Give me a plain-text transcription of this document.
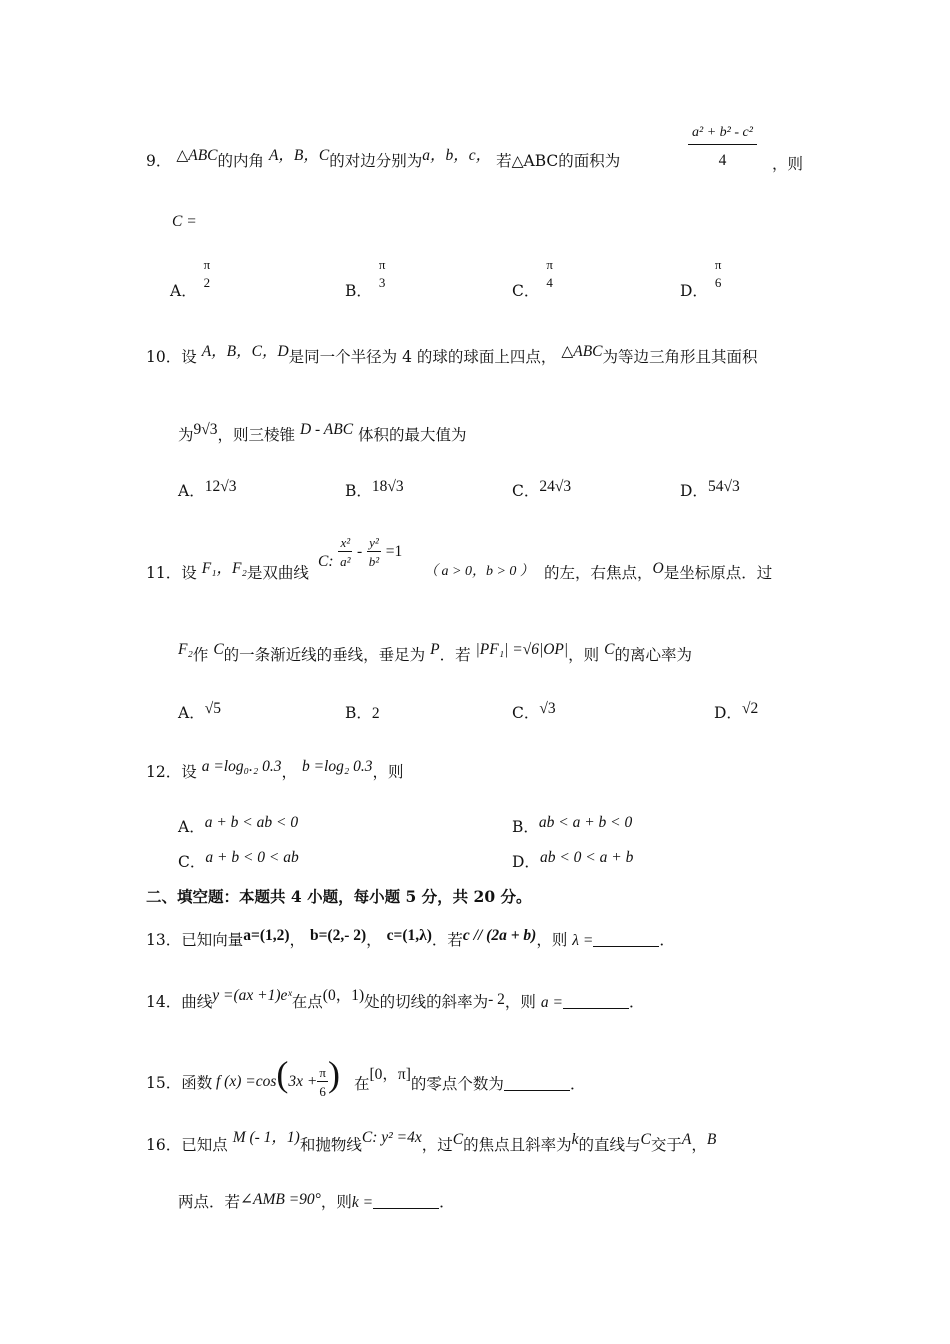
9． △ABC的内角 A，B，C的对边分别为a，b，c， 若△ABC的面积为	$\frac{\text{a² + b² - c²}}{4}$ ，则
C =
A．
π
2	B．
π
3	C．
π
4	D．
π
6
10．设 A，B，C，D是同一个半径为 4 的球的球面上四点， △ABC为等边三角形且其面积
为9√3，则三棱锥 D - ABC 体积的最大值为
A．12√3	B．18√3	C．24√3	D．54√3
11．设 F₁，F₂是双曲线
C: $\frac{\text{x²}}{\text{a²}} - \frac{\text{y²}}{\text{b²}} =1$
（ a > 0，b > 0 ） 的左，右焦点，O是坐标原点．过
F₂作 C的一条渐近线的垂线，垂足为 P．若 |PF₁| =√6|OP|，则 C的离心率为
A．√5	B．2	C．√3	D．√2
12．设 a =log₀.₂ 0.3， b =log₂ 0.3，则
A．a + b < ab < 0	B．ab < a + b < 0
C．a + b < 0 < ab	D．ab < 0 < a + b
二、填空题：本题共 4 小题，每小题 5 分，共 20 分。
13．已知向量a=(1,2)， b=(2,- 2)， c=(1,λ)．若c // (2a + b)，则 λ =	．
14．曲线y =(ax +1)eˣ在点(0，1)处的切线的斜率为- 2，则 a =	．
15．函数 f $(x) =\cos(3x + \frac{\pi}{6}$ ) 在[0，π]的零点个数为	．
16．已知点 M (- 1，1)和抛物线C: y² =4x，过C的焦点且斜率为k的直线与C交于A，B
两点．若∠AMB =90°，则k =	．
